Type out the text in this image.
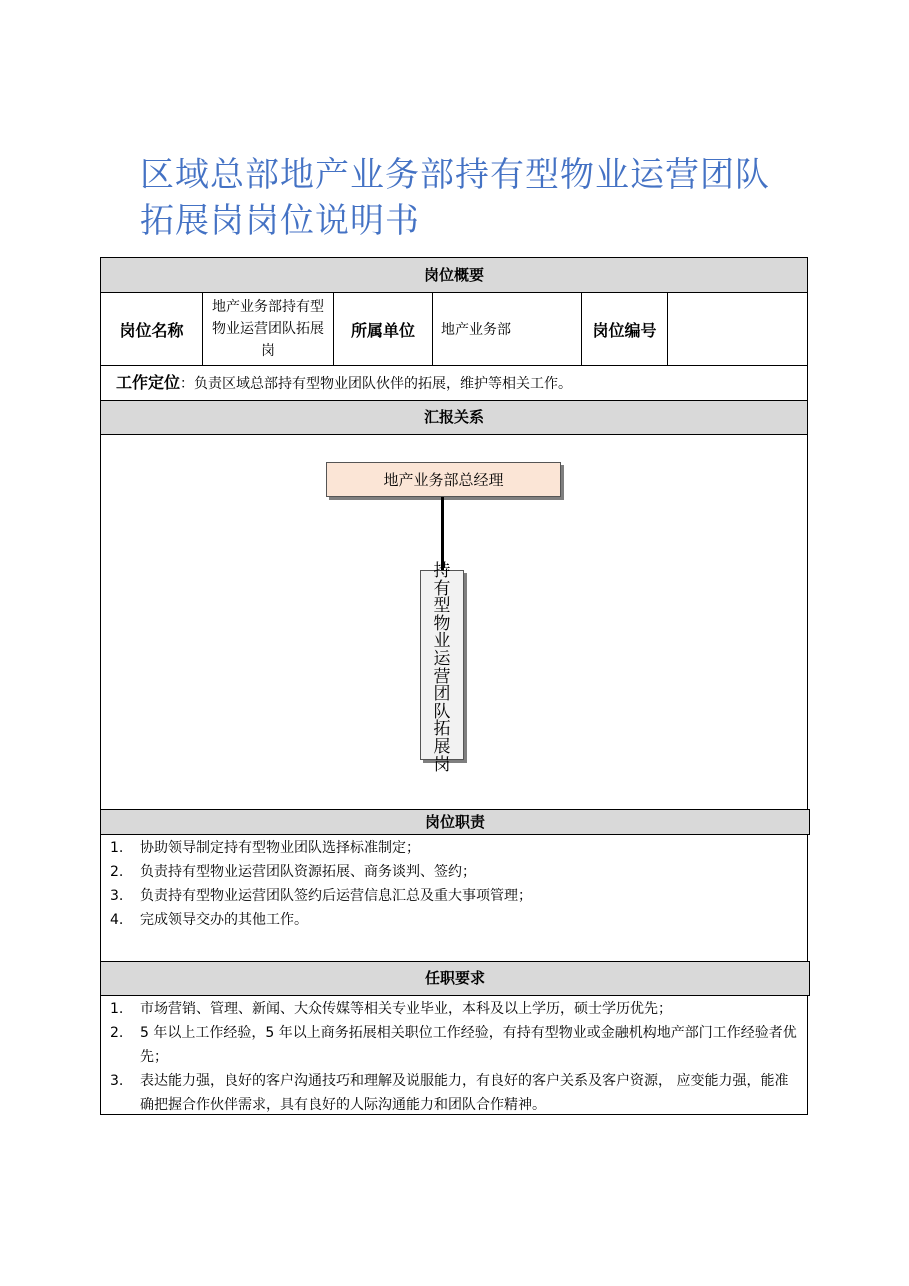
区域总部地产业务部持有型物业运营团队拓展岗岗位说明书
岗位概要
岗位名称
地产业务部持有型物业运营团队拓展岗
所属单位	地产业务部	岗位编号
工作定位：负责区域总部持有型物业团队伙伴的拓展，维护等相关工作。
汇报关系
地产业务部总经理
持有型物业运营团队拓展岗
岗位职责
1. 协助领导制定持有型物业团队选择标准制定；
2. 负责持有型物业运营团队资源拓展、商务谈判、签约；
3. 负责持有型物业运营团队签约后运营信息汇总及重大事项管理；
4. 完成领导交办的其他工作。
任职要求
1. 市场营销、管理、新闻、大众传媒等相关专业毕业，本科及以上学历，硕士学历优先；
2. 5 年以上工作经验，5 年以上商务拓展相关职位工作经验，有持有型物业或金融机构地产部门工作经验者优先；
3. 表达能力强，良好的客户沟通技巧和理解及说服能力，有良好的客户关系及客户资源， 应变能力强，能准确把握合作伙伴需求，具有良好的人际沟通能力和团队合作精神。
